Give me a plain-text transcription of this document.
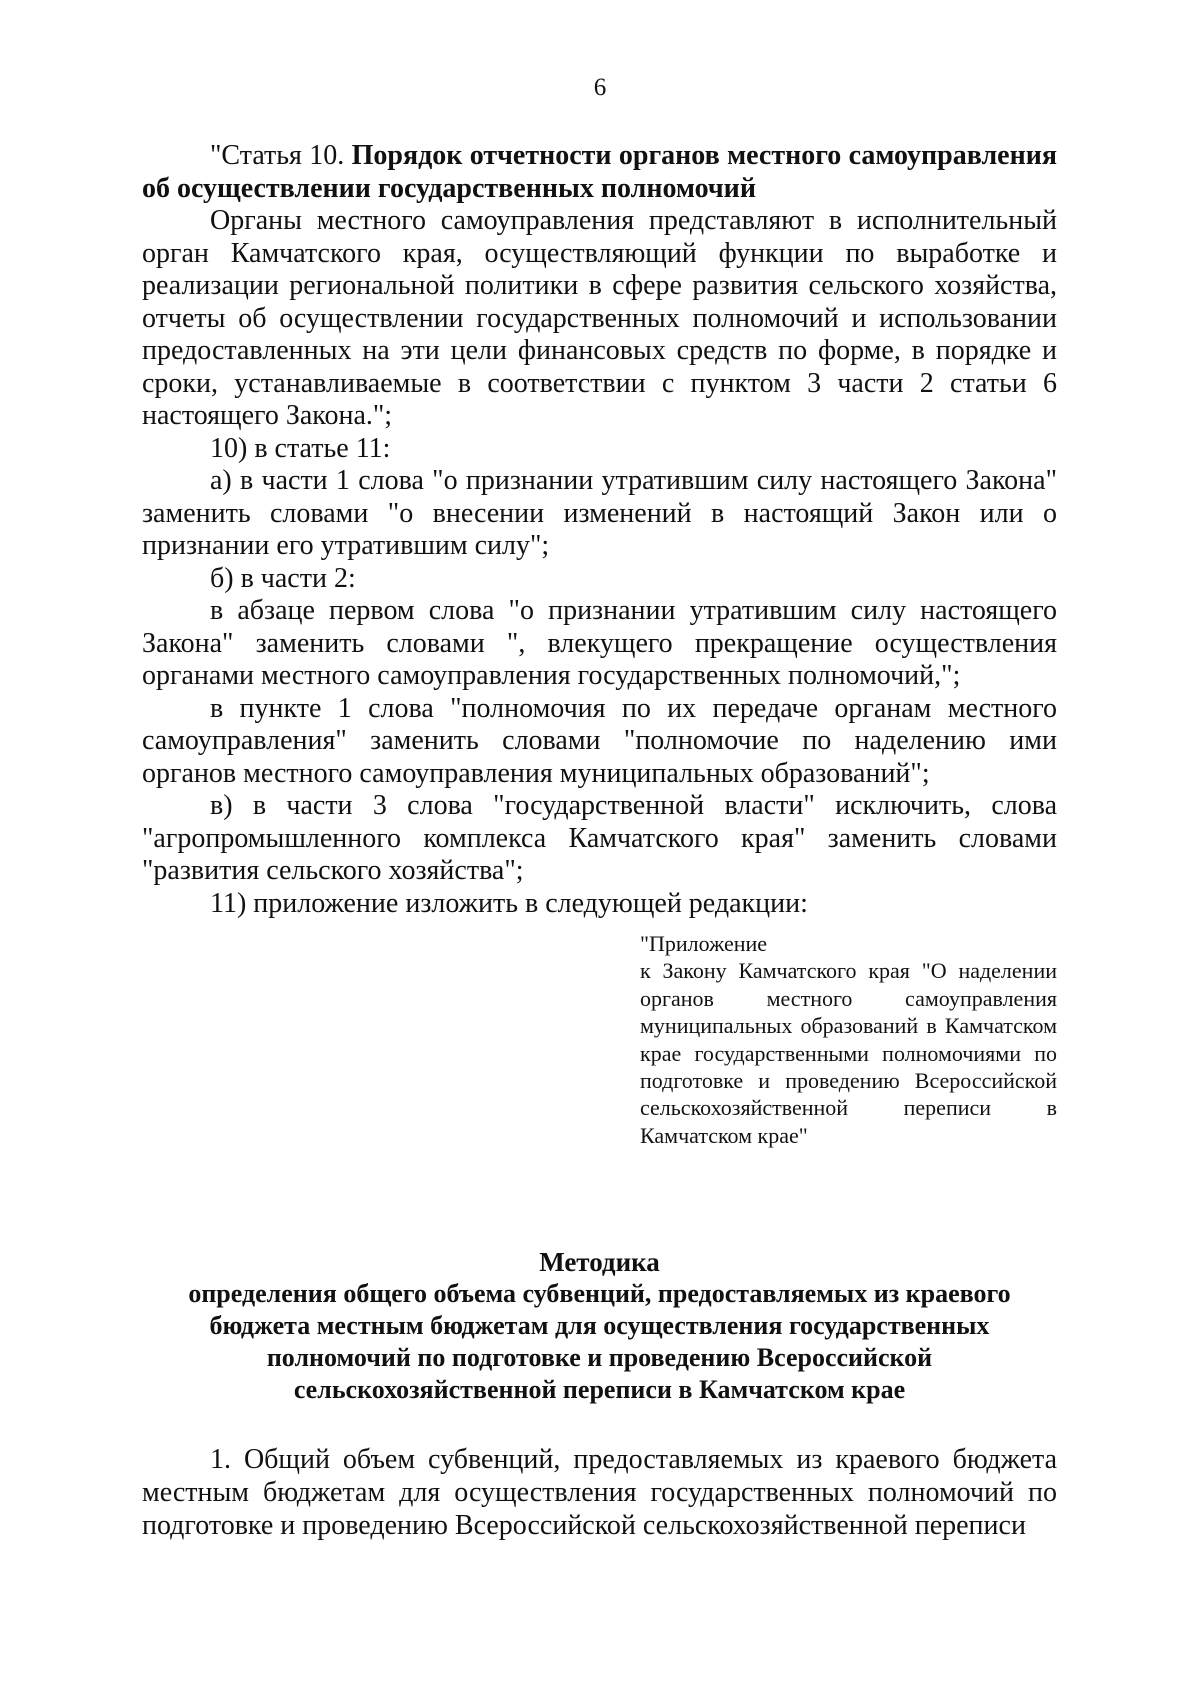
6

"Статья 10. Порядок отчетности органов местного самоуправления об осуществлении государственных полномочий

Органы местного самоуправления представляют в исполнительный орган Камчатского края, осуществляющий функции по выработке и реализации региональной политики в сфере развития сельского хозяйства, отчеты об осуществлении государственных полномочий и использовании предоставленных на эти цели финансовых средств по форме, в порядке и сроки, устанавливаемые в соответствии с пунктом 3 части 2 статьи 6 настоящего Закона.";

10) в статье 11:

а) в части 1 слова "о признании утратившим силу настоящего Закона" заменить словами "о внесении изменений в настоящий Закон или о признании его утратившим силу";

б) в части 2:

в абзаце первом слова "о признании утратившим силу настоящего Закона" заменить словами ", влекущего прекращение осуществления органами местного самоуправления государственных полномочий,";

в пункте 1 слова "полномочия по их передаче органам местного самоуправления" заменить словами "полномочие по наделению ими органов местного самоуправления муниципальных образований";

в) в части 3 слова "государственной власти" исключить, слова "агропромышленного комплекса Камчатского края" заменить словами "развития сельского хозяйства";

11) приложение изложить в следующей редакции:

"Приложение

к Закону Камчатского края "О наделении органов местного самоуправления муниципальных образований в Камчатском крае государственными полномочиями по подготовке и проведению Всероссийской сельскохозяйственной переписи в Камчатском крае"

Методика
определения общего объема субвенций, предоставляемых из краевого бюджета местным бюджетам для осуществления государственных полномочий по подготовке и проведению Всероссийской сельскохозяйственной переписи в Камчатском крае

1. Общий объем субвенций, предоставляемых из краевого бюджета местным бюджетам для осуществления государственных полномочий по подготовке и проведению Всероссийской сельскохозяйственной переписи
